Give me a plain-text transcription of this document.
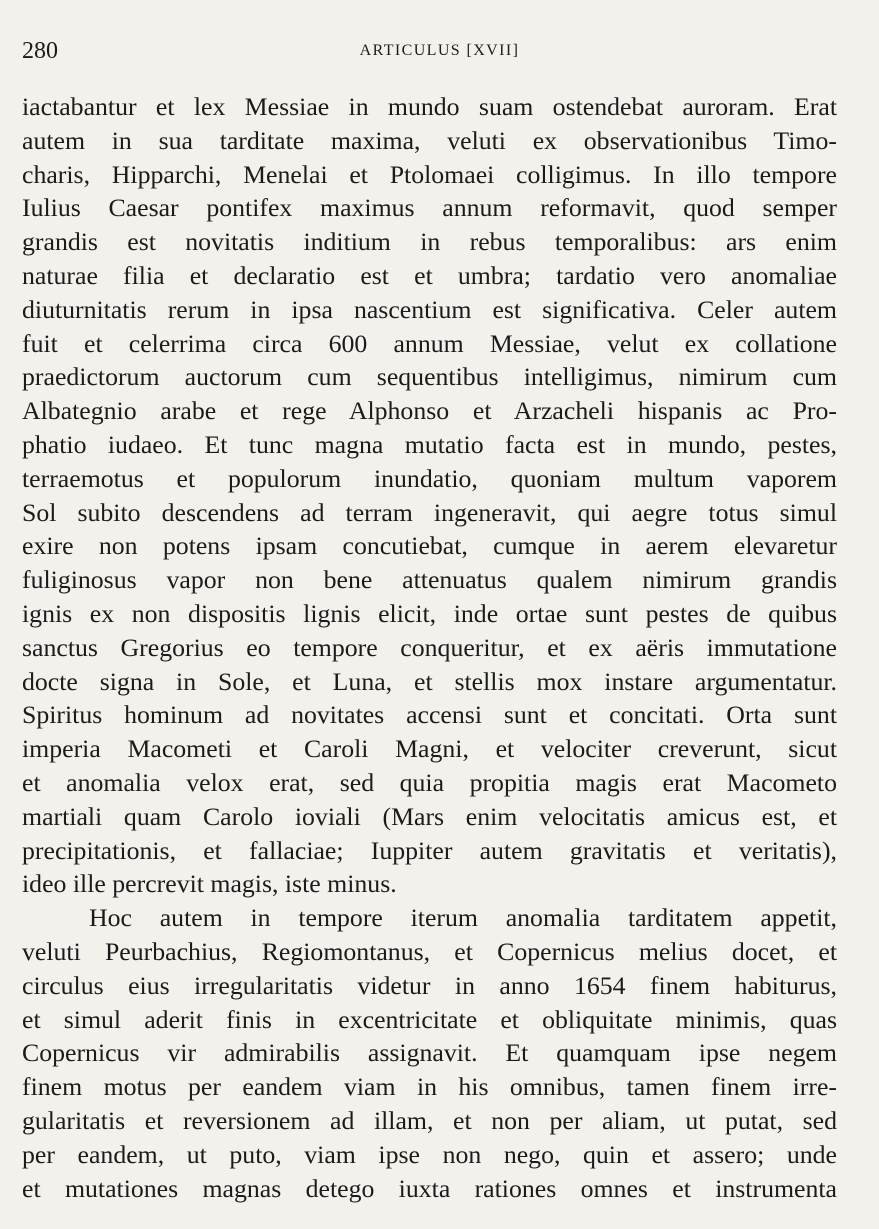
280	ARTICULUS [XVII]

iactabantur et lex Messiae in mundo suam ostendebat auroram. Erat
autem in sua tarditate maxima, veluti ex observationibus Timo-
charis, Hipparchi, Menelai et Ptolomaei colligimus. In illo tempore
Iulius Caesar pontifex maximus annum reformavit, quod semper
grandis est novitatis inditium in rebus temporalibus: ars enim
naturae filia et declaratio est et umbra; tardatio vero anomaliae
diuturnitatis rerum in ipsa nascentium est significativa. Celer autem
fuit et celerrima circa 600 annum Messiae, velut ex collatione
praedictorum auctorum cum sequentibus intelligimus, nimirum cum
Albategnio arabe et rege Alphonso et Arzacheli hispanis ac Pro-
phatio iudaeo. Et tunc magna mutatio facta est in mundo, pestes,
terraemotus et populorum inundatio, quoniam multum vaporem
Sol subito descendens ad terram ingeneravit, qui aegre totus simul
exire non potens ipsam concutiebat, cumque in aerem elevaretur
fuliginosus vapor non bene attenuatus qualem nimirum grandis
ignis ex non dispositis lignis elicit, inde ortae sunt pestes de quibus
sanctus Gregorius eo tempore conqueritur, et ex aëris immutatione
docte signa in Sole, et Luna, et stellis mox instare argumentatur.
Spiritus hominum ad novitates accensi sunt et concitati. Orta sunt
imperia Macometi et Caroli Magni, et velociter creverunt, sicut
et anomalia velox erat, sed quia propitia magis erat Macometo
martiali quam Carolo ioviali (Mars enim velocitatis amicus est, et
precipitationis, et fallaciae; Iuppiter autem gravitatis et veritatis),
ideo ille percrevit magis, iste minus.

Hoc autem in tempore iterum anomalia tarditatem appetit,
veluti Peurbachius, Regiomontanus, et Copernicus melius docet, et
circulus eius irregularitatis videtur in anno 1654 finem habiturus,
et simul aderit finis in excentricitate et obliquitate minimis, quas
Copernicus vir admirabilis assignavit. Et quamquam ipse negem
finem motus per eandem viam in his omnibus, tamen finem irre-
gularitatis et reversionem ad illam, et non per aliam, ut putat, sed
per eandem, ut puto, viam ipse non nego, quin et assero; unde
et mutationes magnas detego iuxta rationes omnes et instrumenta
